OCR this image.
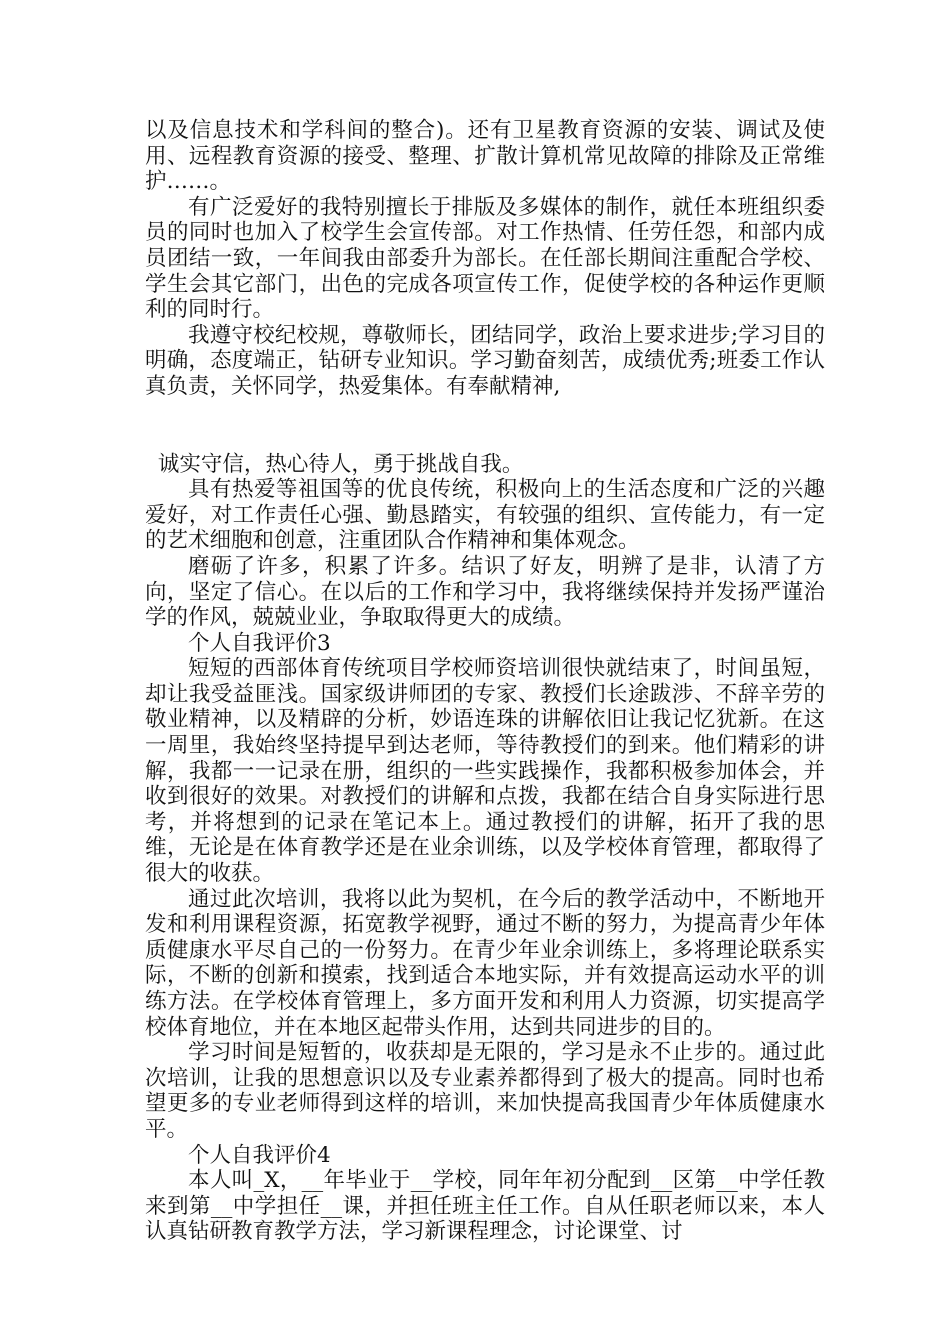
以及信息技术和学科间的整合)。还有卫星教育资源的安装、调试及使用、远程教育资源的接受、整理、扩散计算机常见故障的排除及正常维护……。

有广泛爱好的我特别擅长于排版及多媒体的制作，就任本班组织委员的同时也加入了校学生会宣传部。对工作热情、任劳任怨，和部内成员团结一致，一年间我由部委升为部长。在任部长期间注重配合学校、学生会其它部门，出色的完成各项宣传工作，促使学校的各种运作更顺利的同时行。

我遵守校纪校规，尊敬师长，团结同学，政治上要求进步;学习目的明确，态度端正，钻研专业知识。学习勤奋刻苦，成绩优秀;班委工作认真负责，关怀同学，热爱集体。有奉献精神,

诚实守信，热心待人，勇于挑战自我。

具有热爱等祖国等的优良传统，积极向上的生活态度和广泛的兴趣爱好，对工作责任心强、勤恳踏实，有较强的组织、宣传能力，有一定的艺术细胞和创意，注重团队合作精神和集体观念。

磨砺了许多，积累了许多。结识了好友，明辨了是非，认清了方向，坚定了信心。在以后的工作和学习中，我将继续保持并发扬严谨治学的作风，兢兢业业，争取取得更大的成绩。

个人自我评价3

短短的西部体育传统项目学校师资培训很快就结束了，时间虽短，却让我受益匪浅。国家级讲师团的专家、教授们长途跋涉、不辞辛劳的敬业精神，以及精辟的分析，妙语连珠的讲解依旧让我记忆犹新。在这一周里，我始终坚持提早到达老师，等待教授们的到来。他们精彩的讲解，我都一一记录在册，组织的一些实践操作，我都积极参加体会，并收到很好的效果。对教授们的讲解和点拨，我都在结合自身实际进行思考，并将想到的记录在笔记本上。通过教授们的讲解，拓开了我的思维，无论是在体育教学还是在业余训练，以及学校体育管理，都取得了很大的收获。

通过此次培训，我将以此为契机，在今后的教学活动中，不断地开发和利用课程资源，拓宽教学视野，通过不断的努力，为提高青少年体质健康水平尽自己的一份努力。在青少年业余训练上，多将理论联系实际，不断的创新和摸索，找到适合本地实际，并有效提高运动水平的训练方法。在学校体育管理上，多方面开发和利用人力资源，切实提高学校体育地位，并在本地区起带头作用，达到共同进步的目的。

学习时间是短暂的，收获却是无限的，学习是永不止步的。通过此次培训，让我的思想意识以及专业素养都得到了极大的提高。同时也希望更多的专业老师得到这样的培训，来加快提高我国青少年体质健康水平。

个人自我评价4

本人叫_X，__年毕业于__学校，同年年初分配到__区第__中学任教来到第__中学担任__课，并担任班主任工作。自从任职老师以来，本人认真钻研教育教学方法，学习新课程理念，讨论课堂、讨
